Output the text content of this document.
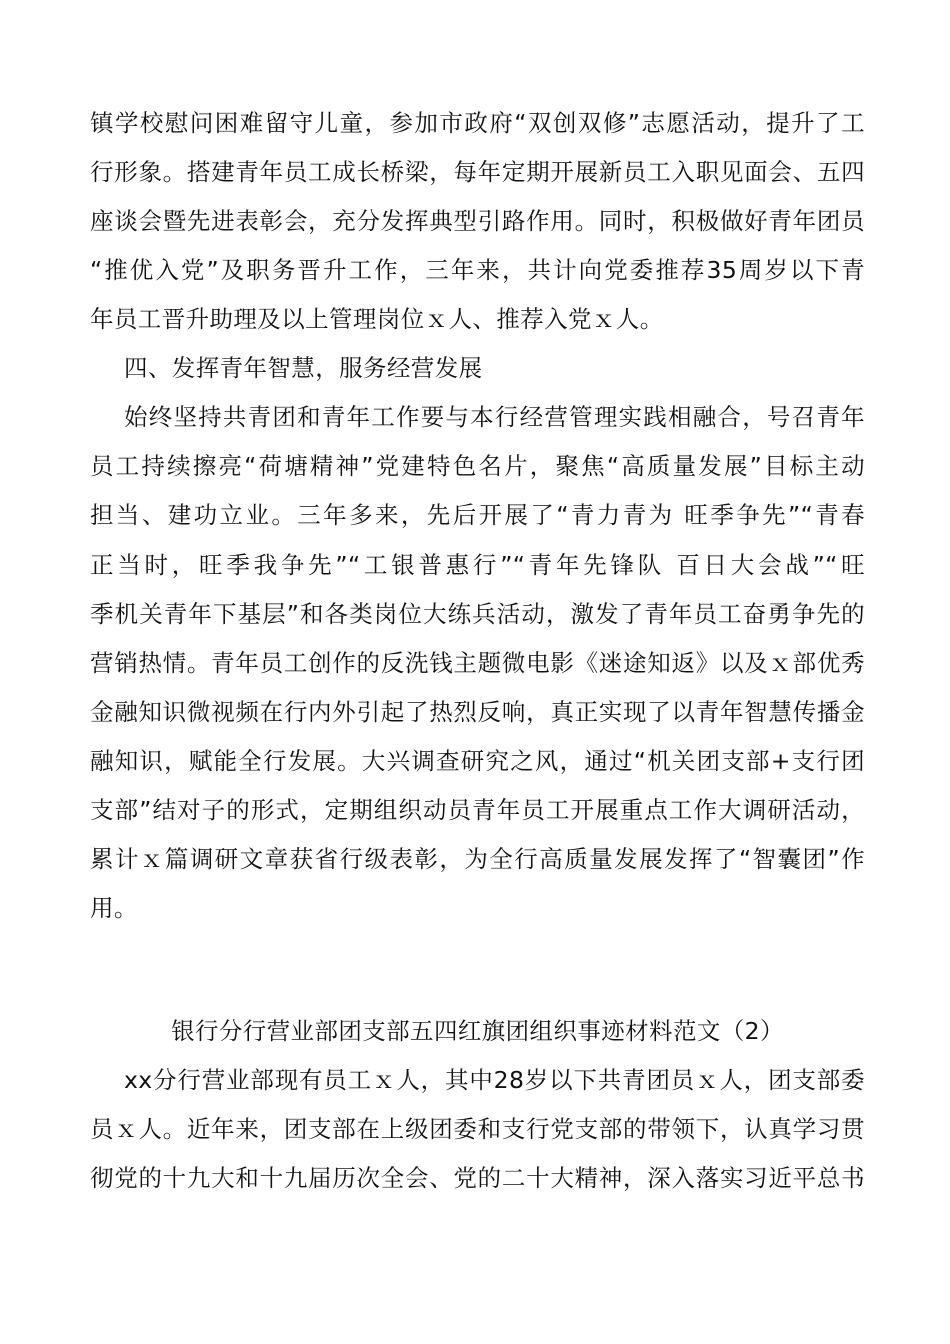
镇学校慰问困难留守儿童，参加市政府“双创双修”志愿活动，提升了工
行形象。搭建青年员工成长桥梁，每年定期开展新员工入职见面会、五四
座谈会暨先进表彰会，充分发挥典型引路作用。同时，积极做好青年团员
“推优入党”及职务晋升工作，三年来，共计向党委推荐35周岁以下青
年员工晋升助理及以上管理岗位ｘ人、推荐入党ｘ人。
四、发挥青年智慧，服务经营发展
始终坚持共青团和青年工作要与本行经营管理实践相融合，号召青年
员工持续擦亮“荷塘精神”党建特色名片，聚焦“高质量发展”目标主动
担当、建功立业。三年多来，先后开展了“青力青为 旺季争先”“青春
正当时，旺季我争先”“工银普惠行”“青年先锋队 百日大会战”“旺
季机关青年下基层”和各类岗位大练兵活动，激发了青年员工奋勇争先的
营销热情。青年员工创作的反洗钱主题微电影《迷途知返》以及ｘ部优秀
金融知识微视频在行内外引起了热烈反响，真正实现了以青年智慧传播金
融知识，赋能全行发展。大兴调查研究之风，通过“机关团支部+支行团
支部”结对子的形式，定期组织动员青年员工开展重点工作大调研活动，
累计ｘ篇调研文章获省行级表彰，为全行高质量发展发挥了“智囊团”作
用。
银行分行营业部团支部五四红旗团组织事迹材料范文（2）
xx分行营业部现有员工ｘ人，其中28岁以下共青团员ｘ人，团支部委
员ｘ人。近年来，团支部在上级团委和支行党支部的带领下，认真学习贯
彻党的十九大和十九届历次全会、党的二十大精神，深入落实习近平总书
